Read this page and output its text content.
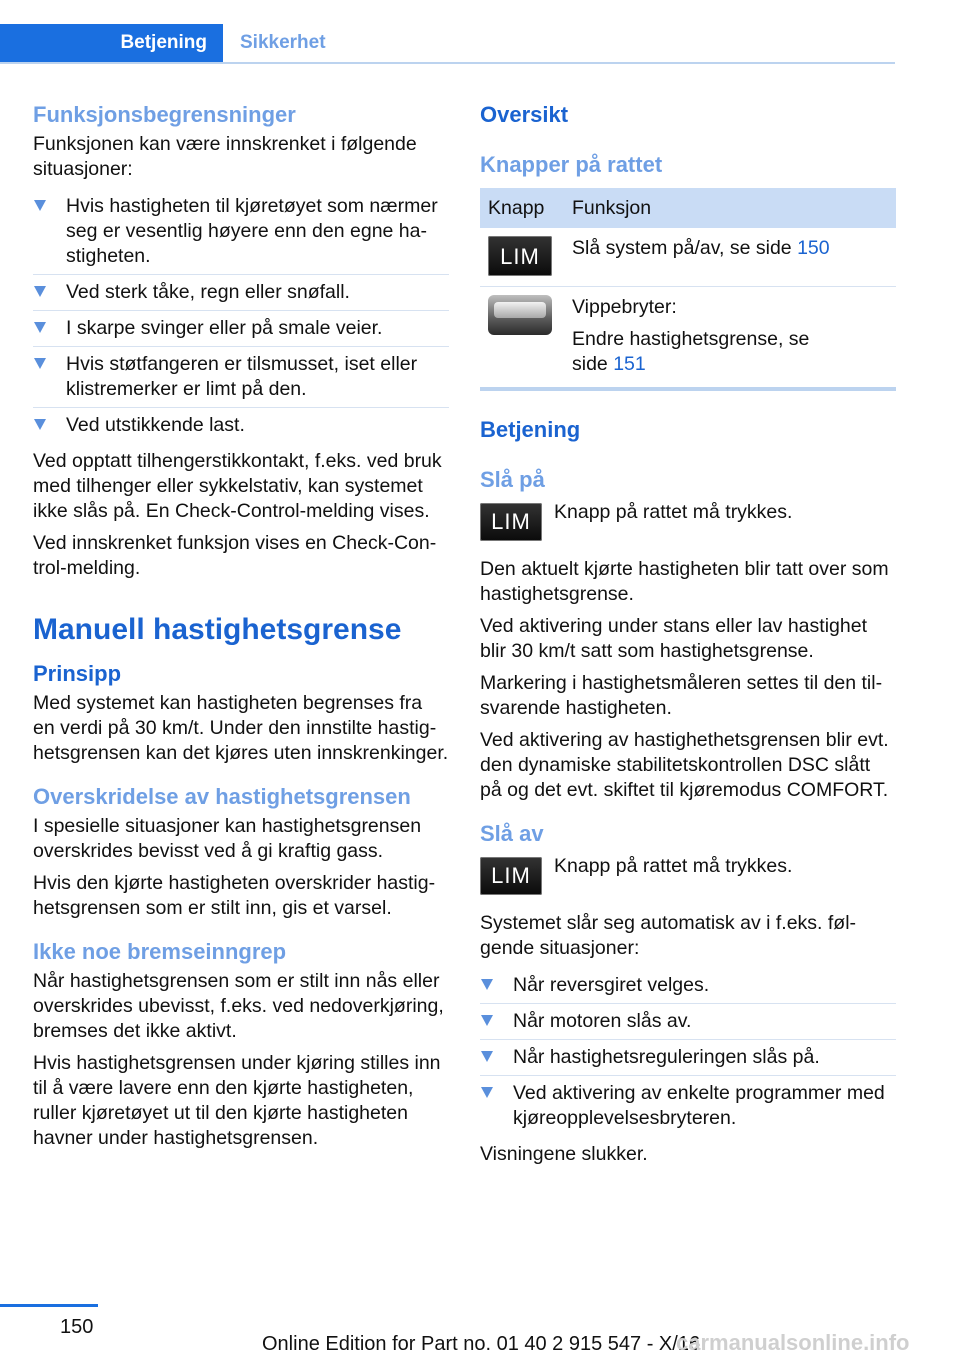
Betjening Sikkerhet
Funksjonsbegrensninger

Funksjonen kan være innskrenket i følgende situasjoner:

Hvis hastigheten til kjøretøyet som nærmer seg er vesentlig høyere enn den egne hastigheten.
Ved sterk tåke, regn eller snøfall.
I skarpe svinger eller på smale veier.
Hvis støtfangeren er tilsmusset, iset eller klistremerker er limt på den.
Ved utstikkende last.

Ved opptatt tilhengerstikkontakt, f.eks. ved bruk med tilhenger eller sykkelstativ, kan systemet ikke slås på. En Check-Control-melding vises.

Ved innskrenket funksjon vises en Check-Control-melding.

Manuell hastighetsgrense
Prinsipp

Med systemet kan hastigheten begrenses fra en verdi på 30 km/t. Under den innstilte hastighetsgrensen kan det kjøres uten innskrenkinger.

Overskridelse av hastighetsgrensen

I spesielle situasjoner kan hastighetsgrensen overskrides bevisst ved å gi kraftig gass.

Hvis den kjørte hastigheten overskrider hastighetsgrensen som er stilt inn, gis et varsel.

Ikke noe bremseinngrep

Når hastighetsgrensen som er stilt inn nås eller overskrides ubevisst, f.eks. ved nedoverkjøring, bremses det ikke aktivt.

Hvis hastighetsgrensen under kjøring stilles inn til å være lavere enn den kjørte hastigheten, ruller kjøretøyet ut til den kjørte hastigheten havner under hastighetsgrensen.

Oversikt
Knapper på rattet
Knapp	Funksjon

LIM	Slå system på/av, se side 150

	Vippebryter:
Endre hastighetsgrense, se side 151
Betjening
Slå på
LIM Knapp på rattet må trykkes.

Den aktuelt kjørte hastigheten blir tatt over som hastighetsgrense.

Ved aktivering under stans eller lav hastighet blir 30 km/t satt som hastighetsgrense.

Markering i hastighetsmåleren settes til den tilsvarende hastigheten.

Ved aktivering av hastighethetsgrensen blir evt. den dynamiske stabilitetskontrollen DSC slått på og det evt. skiftet til kjøremodus COMFORT.

Slå av
LIM Knapp på rattet må trykkes.

Systemet slår seg automatisk av i f.eks. følgende situasjoner:

Når reversgiret velges.
Når motoren slås av.
Når hastighetsreguleringen slås på.
Ved aktivering av enkelte programmer med kjøreopplevelsesbryteren.

Visningene slukker.

150
Online Edition for Part no. 01 40 2 915 547 - X/16
carmanualsonline.info
